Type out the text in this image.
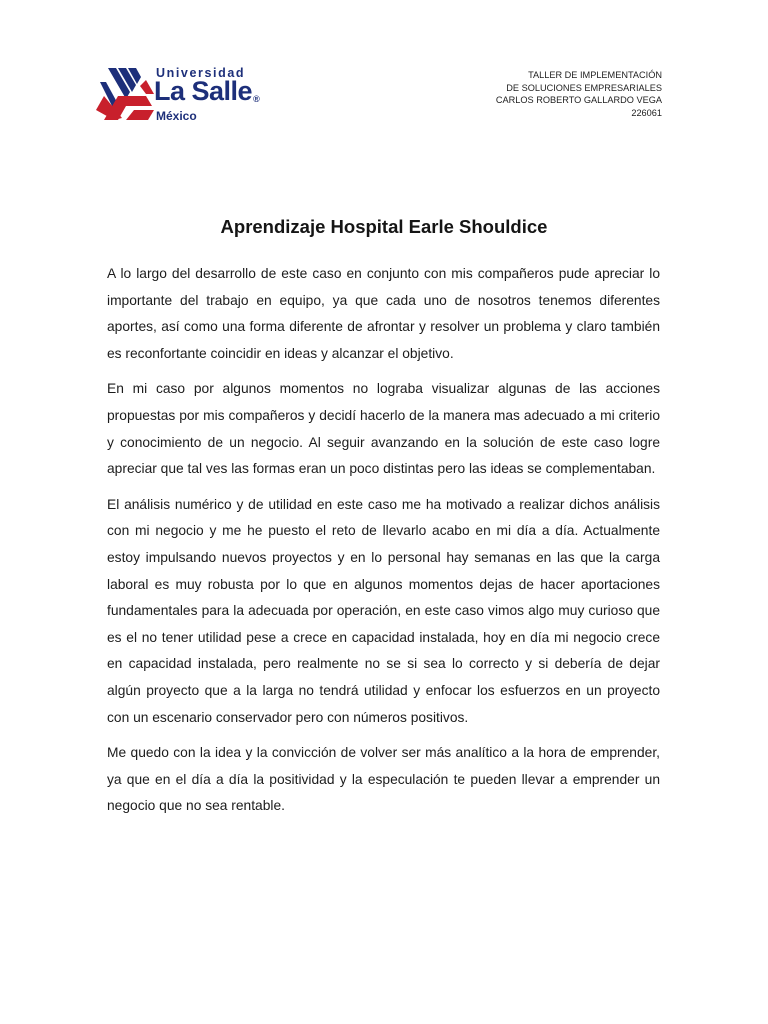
Universidad
La Salle®
México
TALLER DE IMPLEMENTACIÓN
DE SOLUCIONES EMPRESARIALES
CARLOS ROBERTO GALLARDO VEGA
226061
Aprendizaje Hospital Earle Shouldice

A lo largo del desarrollo de este caso en conjunto con mis compañeros pude apreciar lo importante del trabajo en equipo, ya que cada uno de nosotros tenemos diferentes aportes, así como una forma diferente de afrontar y resolver un problema y claro también es reconfortante coincidir en ideas y alcanzar el objetivo.

En mi caso por algunos momentos no lograba visualizar algunas de las acciones propuestas por mis compañeros y decidí hacerlo de la manera mas adecuado a mi criterio y conocimiento de un negocio. Al seguir avanzando en la solución de este caso logre apreciar que tal ves las formas eran un poco distintas pero las ideas se complementaban.

El análisis numérico y de utilidad en este caso me ha motivado a realizar dichos análisis con mi negocio y me he puesto el reto de llevarlo acabo en mi día a día. Actualmente estoy impulsando nuevos proyectos y en lo personal hay semanas en las que la carga laboral es muy robusta por lo que en algunos momentos dejas de hacer aportaciones fundamentales para la adecuada por operación, en este caso vimos algo muy curioso que es el no tener utilidad pese a crece en capacidad instalada, hoy en día mi negocio crece en capacidad instalada, pero realmente no se si sea lo correcto y si debería de dejar algún proyecto que a la larga no tendrá utilidad y enfocar los esfuerzos en un proyecto con un escenario conservador pero con números positivos.

Me quedo con la idea y la convicción de volver ser más analítico a la hora de emprender, ya que en el día a día la positividad y la especulación te pueden llevar a emprender un negocio que no sea rentable.
